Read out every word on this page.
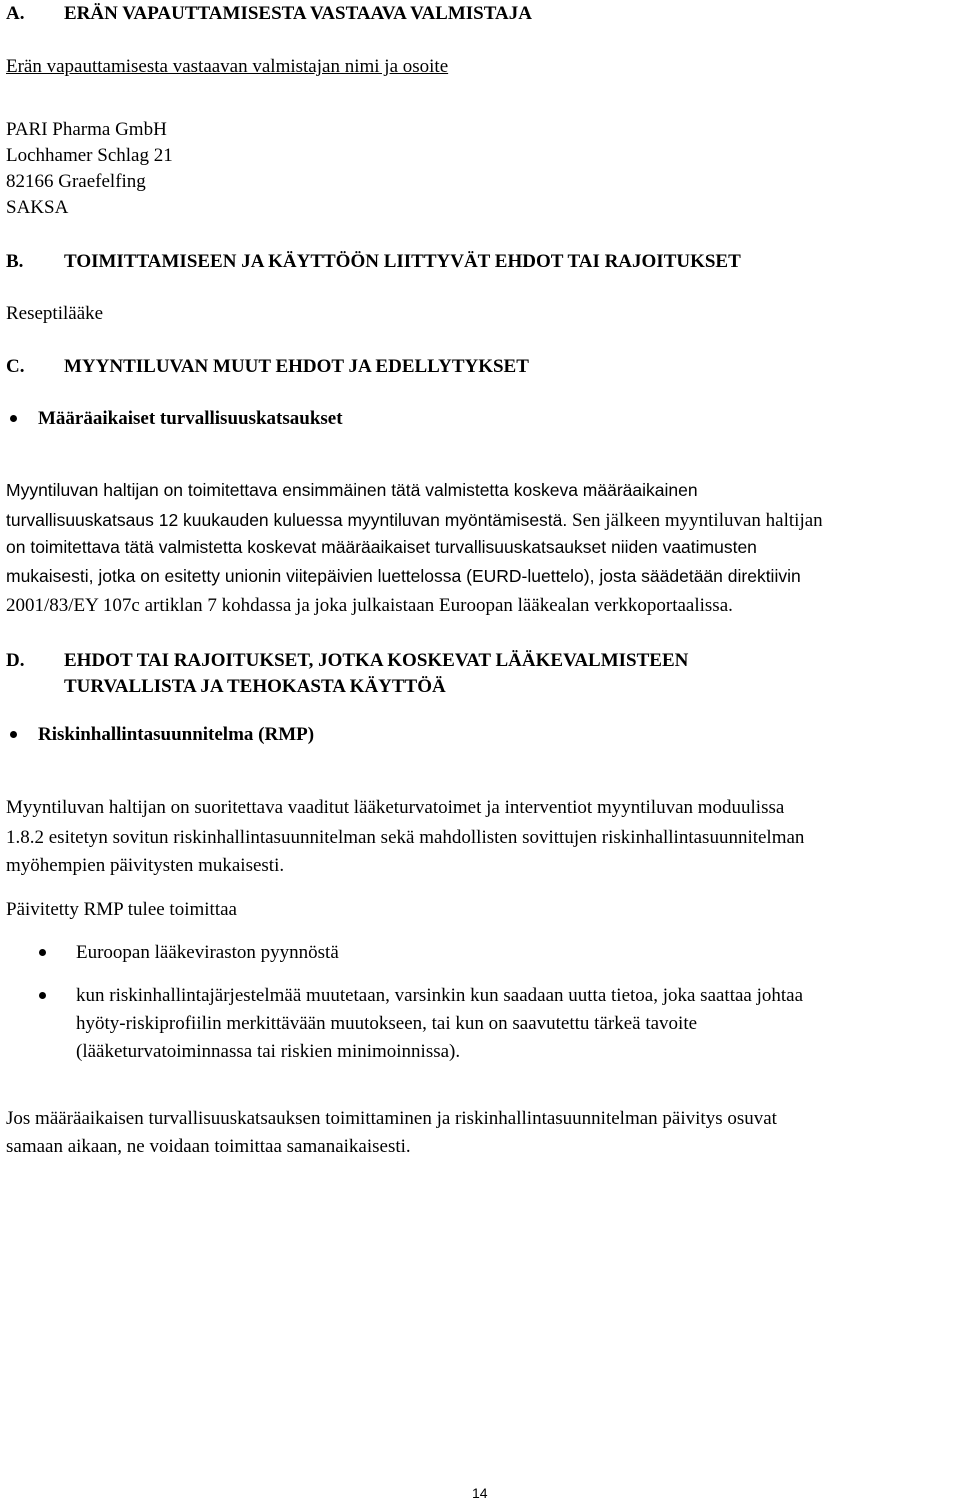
A. ERÄN VAPAUTTAMISESTA VASTAAVA VALMISTAJA
Erän vapauttamisesta vastaavan valmistajan nimi ja osoite
PARI Pharma GmbH
Lochhamer Schlag 21
82166 Graefelfing
SAKSA
B. TOIMITTAMISEEN JA KÄYTTÖÖN LIITTYVÄT EHDOT TAI RAJOITUKSET
Reseptilääke
C. MYYNTILUVAN MUUT EHDOT JA EDELLYTYKSET
Määräaikaiset turvallisuuskatsaukset
Myyntiluvan haltijan on toimitettava ensimmäinen tätä valmistetta koskeva määräaikainen
turvallisuuskatsaus 12 kuukauden kuluessa myyntiluvan myöntämisestä. Sen jälkeen myyntiluvan haltijan
on toimitettava tätä valmistetta koskevat määräaikaiset turvallisuuskatsaukset niiden vaatimusten
mukaisesti, jotka on esitetty unionin viitepäivien luettelossa (EURD-luettelo), josta säädetään direktiivin
2001/83/EY 107c artiklan 7 kohdassa ja joka julkaistaan Euroopan lääkealan verkkoportaalissa.
D. EHDOT TAI RAJOITUKSET, JOTKA KOSKEVAT LÄÄKEVALMISTEEN
TURVALLISTA JA TEHOKASTA KÄYTTÖÄ
Riskinhallintasuunnitelma (RMP)
Myyntiluvan haltijan on suoritettava vaaditut lääketurvatoimet ja interventiot myyntiluvan moduulissa
1.8.2 esitetyn sovitun riskinhallintasuunnitelman sekä mahdollisten sovittujen riskinhallintasuunnitelman
myöhempien päivitysten mukaisesti.
Päivitetty RMP tulee toimittaa
Euroopan lääkeviraston pyynnöstä
kun riskinhallintajärjestelmää muutetaan, varsinkin kun saadaan uutta tietoa, joka saattaa johtaa
hyöty-riskiprofiilin merkittävään muutokseen, tai kun on saavutettu tärkeä tavoite
(lääketurvatoiminnassa tai riskien minimoinnissa).
Jos määräaikaisen turvallisuuskatsauksen toimittaminen ja riskinhallintasuunnitelman päivitys osuvat
samaan aikaan, ne voidaan toimittaa samanaikaisesti.
14
